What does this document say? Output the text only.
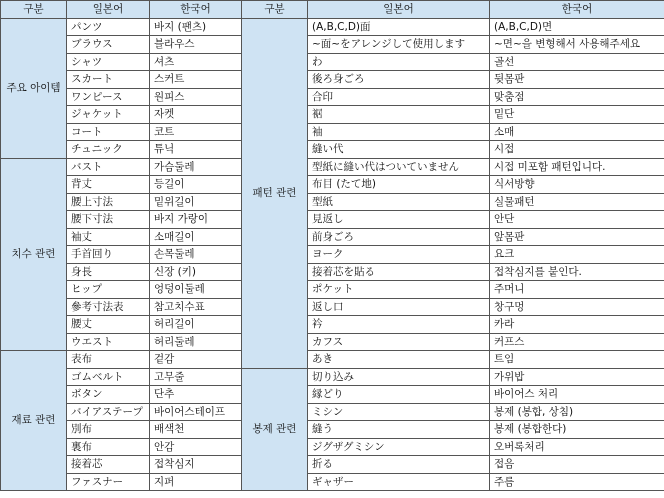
구분	일본어	한국어
주요 아이템	パンツ	바지 (팬츠)
	ブラウス	블라우스
	シャツ	셔츠
	スカート	스커트
	ワンピース	원피스
	ジャケット	자켓
	コート	코트
	チュニック	튜닉
치수 관련	バスト	가슴둘레
	背丈	등길이
	腰上寸法	밑위길이
	腰下寸法	바지 가랑이
	袖丈	소매길이
	手首回り	손목둘레
	身長	신장 (키)
	ヒップ	엉덩이둘레
	參考寸法表	참고치수표
	腰丈	허리길이
	ウエスト	허리둘레
재료 관련	表布	겉감
	ゴムベルト	고무줄
	ボタン	단추
	バイアステープ	바이어스테이프
	別布	배색천
	裏布	안감
	接着芯	접착심지
	ファスナー	지퍼
구분	일본어	한국어
패턴 관련	(A,B,C,D)面	(A,B,C,D)면
	~面~をアレンジして使用します	~면~을 변형해서 사용해주세요
	わ	골선
	後ろ身ごろ	뒷몸판
	合印	맞춤점
	裾	밑단
	袖	소매
	縫い代	시접
	型紙に縫い代はついていません	시접 미포함 패턴입니다.
	布目 (たて地)	식서방향
	型紙	실물패턴
	見返し	안단
	前身ごろ	앞몸판
	ヨーク	요크
	接着芯を貼る	접착심지를 붙인다.
	ポケット	주머니
	返し口	창구멍
	衿	카라
	カフス	커프스
	あき	트임
봉제 관련	切り込み	가위밥
	縁どり	바이어스 처리
	ミシン	봉제 (봉합, 상침)
	縫う	봉제 (봉합한다)
	ジグザグミシン	오버록처리
	折る	접음
	ギャザー	주름
